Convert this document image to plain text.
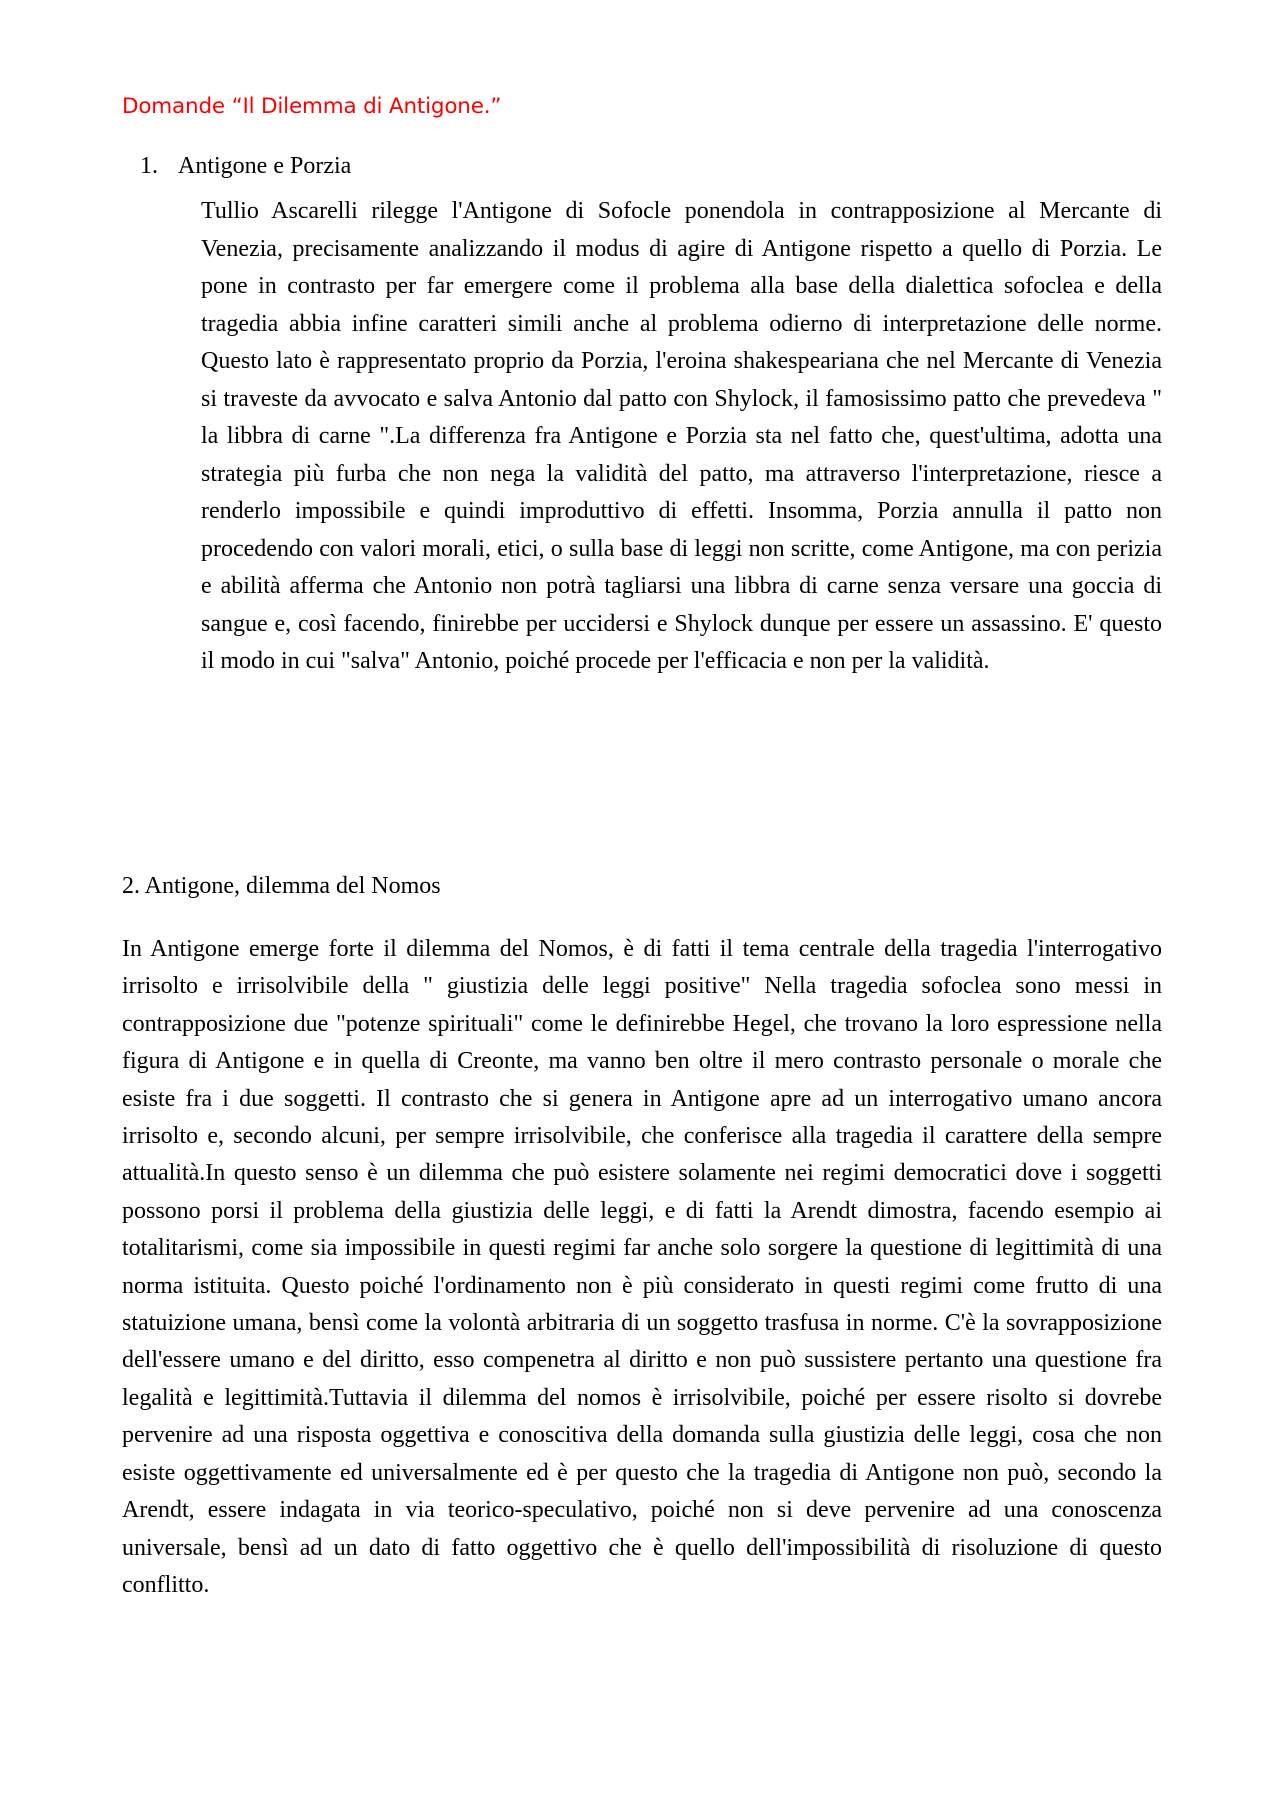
Domande “Il Dilemma di Antigone.”
1. Antigone e Porzia

Tullio Ascarelli rilegge l'Antigone di Sofocle ponendola in contrapposizione al Mercante di Venezia, precisamente analizzando il modus di agire di Antigone rispetto a quello di Porzia. Le pone in contrasto per far emergere come il problema alla base della dialettica sofoclea e della tragedia abbia infine caratteri simili anche al problema odierno di interpretazione delle norme. Questo lato è rappresentato proprio da Porzia, l'eroina shakespeariana che nel Mercante di Venezia si traveste da avvocato e salva Antonio dal patto con Shylock, il famosissimo patto che prevedeva " la libbra di carne ".La differenza fra Antigone e Porzia sta nel fatto che, quest'ultima, adotta una strategia più furba che non nega la validità del patto, ma attraverso l'interpretazione, riesce a renderlo impossibile e quindi improduttivo di effetti. Insomma, Porzia annulla il patto non procedendo con valori morali, etici, o sulla base di leggi non scritte, come Antigone, ma con perizia e abilità afferma che Antonio non potrà tagliarsi una libbra di carne senza versare una goccia di sangue e, così facendo, finirebbe per uccidersi e Shylock dunque per essere un assassino. E' questo il modo in cui "salva" Antonio, poiché procede per l'efficacia e non per la validità.

2. Antigone, dilemma del Nomos

In Antigone emerge forte il dilemma del Nomos, è di fatti il tema centrale della tragedia l'interrogativo irrisolto e irrisolvibile della " giustizia delle leggi positive" Nella tragedia sofoclea sono messi in contrapposizione due "potenze spirituali" come le definirebbe Hegel, che trovano la loro espressione nella figura di Antigone e in quella di Creonte, ma vanno ben oltre il mero contrasto personale o morale che esiste fra i due soggetti. Il contrasto che si genera in Antigone apre ad un interrogativo umano ancora irrisolto e, secondo alcuni, per sempre irrisolvibile, che conferisce alla tragedia il carattere della sempre attualità.In questo senso è un dilemma che può esistere solamente nei regimi democratici dove i soggetti possono porsi il problema della giustizia delle leggi, e di fatti la Arendt dimostra, facendo esempio ai totalitarismi, come sia impossibile in questi regimi far anche solo sorgere la questione di legittimità di una norma istituita. Questo poiché l'ordinamento non è più considerato in questi regimi come frutto di una statuizione umana, bensì come la volontà arbitraria di un soggetto trasfusa in norme. C'è la sovrapposizione dell'essere umano e del diritto, esso compenetra al diritto e non può sussistere pertanto una questione fra legalità e legittimità.Tuttavia il dilemma del nomos è irrisolvibile, poiché per essere risolto si dovrebe pervenire ad una risposta oggettiva e conoscitiva della domanda sulla giustizia delle leggi, cosa che non esiste oggettivamente ed universalmente ed è per questo che la tragedia di Antigone non può, secondo la Arendt, essere indagata in via teorico-speculativo, poiché non si deve pervenire ad una conoscenza universale, bensì ad un dato di fatto oggettivo che è quello dell'impossibilità di risoluzione di questo conflitto.
